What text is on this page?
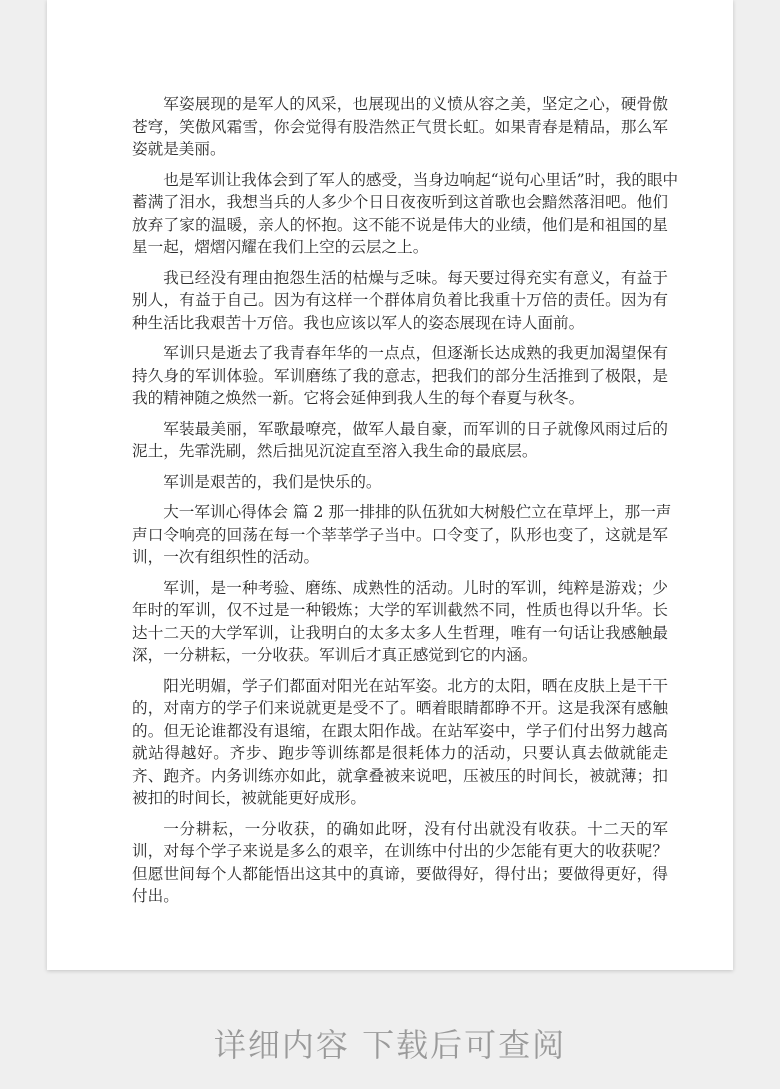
军姿展现的是军人的风采，也展现出的义愤从容之美，坚定之心，硬骨傲
苍穹，笑傲风霜雪，你会觉得有股浩然正气贯长虹。如果青春是精品，那么军
姿就是美丽。
也是军训让我体会到了军人的感受，当身边响起“说句心里话”时，我的眼中
蓄满了泪水，我想当兵的人多少个日日夜夜听到这首歌也会黯然落泪吧。他们
放弃了家的温暖，亲人的怀抱。这不能不说是伟大的业绩，他们是和祖国的星
星一起，熠熠闪耀在我们上空的云层之上。
我已经没有理由抱怨生活的枯燥与乏味。每天要过得充实有意义，有益于
别人，有益于自己。因为有这样一个群体肩负着比我重十万倍的责任。因为有
种生活比我艰苦十万倍。我也应该以军人的姿态展现在诗人面前。
军训只是逝去了我青春年华的一点点，但逐渐长达成熟的我更加渴望保有
持久身的军训体验。军训磨练了我的意志，把我们的部分生活推到了极限，是
我的精神随之焕然一新。它将会延伸到我人生的每个春夏与秋冬。
军装最美丽，军歌最嘹亮，做军人最自豪，而军训的日子就像风雨过后的
泥土，先霏洗刷，然后拙见沉淀直至溶入我生命的最底层。
军训是艰苦的，我们是快乐的。
大一军训心得体会 篇 2 那一排排的队伍犹如大树般伫立在草坪上，那一声
声口令响亮的回荡在每一个莘莘学子当中。口令变了，队形也变了，这就是军
训，一次有组织性的活动。
军训，是一种考验、磨练、成熟性的活动。儿时的军训，纯粹是游戏；少
年时的军训，仅不过是一种锻炼；大学的军训截然不同，性质也得以升华。长
达十二天的大学军训，让我明白的太多太多人生哲理，唯有一句话让我感触最
深，一分耕耘，一分收获。军训后才真正感觉到它的内涵。
阳光明媚，学子们都面对阳光在站军姿。北方的太阳，晒在皮肤上是干干
的，对南方的学子们来说就更是受不了。晒着眼睛都睁不开。这是我深有感触
的。但无论谁都没有退缩，在跟太阳作战。在站军姿中，学子们付出努力越高
就站得越好。齐步、跑步等训练都是很耗体力的活动，只要认真去做就能走
齐、跑齐。内务训练亦如此，就拿叠被来说吧，压被压的时间长，被就薄；扣
被扣的时间长，被就能更好成形。
一分耕耘，一分收获，的确如此呀，没有付出就没有收获。十二天的军
训，对每个学子来说是多么的艰辛，在训练中付出的少怎能有更大的收获呢？
但愿世间每个人都能悟出这其中的真谛，要做得好，得付出；要做得更好，得
付出。
详细内容 下载后可查阅
